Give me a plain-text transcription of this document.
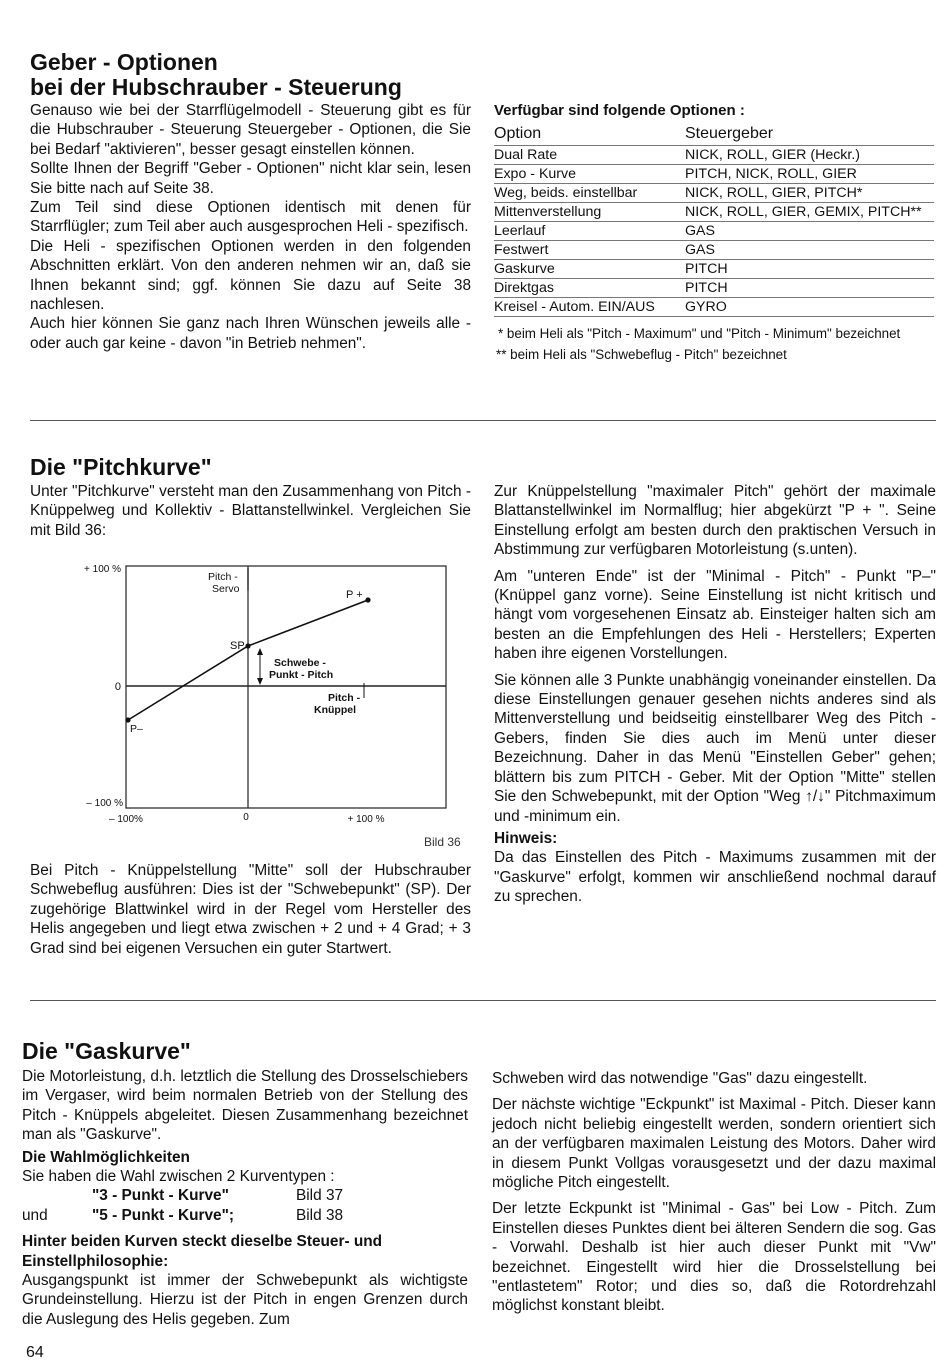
Geber - Optionen
bei der Hubschrauber - Steuerung

Genauso wie bei der Starrflügelmodell - Steuerung gibt es für die Hubschrauber - Steuerung Steuergeber - Optionen, die Sie bei Bedarf "aktivieren", besser gesagt einstellen können.

Sollte Ihnen der Begriff "Geber - Optionen" nicht klar sein, lesen Sie bitte nach auf Seite 38.

Zum Teil sind diese Optionen identisch mit denen für Starrflügler; zum Teil aber auch ausgesprochen Heli - spezifisch.

Die Heli - spezifischen Optionen werden in den folgenden Abschnitten erklärt. Von den anderen nehmen wir an, daß sie Ihnen bekannt sind; ggf. können Sie dazu auf Seite 38 nachlesen.

Auch hier können Sie ganz nach Ihren Wünschen jeweils alle - oder auch gar keine - davon "in Betrieb nehmen".

Verfügbar sind folgende Optionen :
Option	Steuergeber
Dual Rate	NICK, ROLL, GIER (Heckr.)
Expo - Kurve	PITCH, NICK, ROLL, GIER
Weg, beids. einstellbar	NICK, ROLL, GIER, PITCH*
Mittenverstellung	NICK, ROLL, GIER, GEMIX, PITCH**
Leerlauf	GAS
Festwert	GAS
Gaskurve	PITCH
Direktgas	PITCH
Kreisel - Autom. EIN/AUS	GYRO
* beim Heli als "Pitch - Maximum" und "Pitch - Minimum" bezeichnet
** beim Heli als "Schwebeflug - Pitch" bezeichnet
Die "Pitchkurve"

Unter "Pitchkurve" versteht man den Zusammenhang von Pitch - Knüppelweg und Kollektiv - Blattanstellwinkel. Vergleichen Sie mit Bild 36:

+ 100 %
0
– 100 %
– 100%	0	+ 100 %
Pitch -Servo	P +
SP
Schwebe -Punkt - Pitch
Pitch -Knüppel
P–
Bild 36

Bei Pitch - Knüppelstellung "Mitte" soll der Hubschrauber Schwebeflug ausführen: Dies ist der "Schwebepunkt" (SP). Der zugehörige Blattwinkel wird in der Regel vom Hersteller des Helis angegeben und liegt etwa zwischen + 2 und + 4 Grad; + 3 Grad sind bei eigenen Versuchen ein guter Startwert.

Zur Knüppelstellung "maximaler Pitch" gehört der maximale Blattanstellwinkel im Normalflug; hier abgekürzt "P + ". Seine Einstellung erfolgt am besten durch den praktischen Versuch in Abstimmung zur verfügbaren Motorleistung (s.unten).

Am "unteren Ende" ist der "Minimal - Pitch" - Punkt "P–" (Knüppel ganz vorne). Seine Einstellung ist nicht kritisch und hängt vom vorgesehenen Einsatz ab. Einsteiger halten sich am besten an die Empfehlungen des Heli - Herstellers; Experten haben ihre eigenen Vorstellungen.

Sie können alle 3 Punkte unabhängig voneinander einstellen. Da diese Einstellungen genauer gesehen nichts anderes sind als Mittenverstellung und beidseitig einstellbarer Weg des Pitch - Gebers, finden Sie dies auch im Menü unter dieser Bezeichnung. Daher in das Menü "Einstellen Geber" gehen; blättern bis zum PITCH - Geber. Mit der Option "Mitte" stellen Sie den Schwebepunkt, mit der Option "Weg ↑/↓" Pitchmaximum und -minimum ein.

Hinweis:

Da das Einstellen des Pitch - Maximums zusammen mit der "Gaskurve" erfolgt, kommen wir anschließend nochmal darauf zu sprechen.

Die "Gaskurve"

Die Motorleistung, d.h. letztlich die Stellung des Drosselschiebers im Vergaser, wird beim normalen Betrieb von der Stellung des Pitch - Knüppels abgeleitet. Diesen Zusammenhang bezeichnet man als "Gaskurve".

Die Wahlmöglichkeiten

Sie haben die Wahl zwischen 2 Kurventypen :

"3 - Punkt - Kurve"	Bild 37
und	"5 - Punkt - Kurve";	Bild 38
Hinter beiden Kurven steckt dieselbe Steuer- und Einstellphilosophie:

Ausgangspunkt ist immer der Schwebepunkt als wichtigste Grundeinstellung. Hierzu ist der Pitch in engen Grenzen durch die Auslegung des Helis gegeben. Zum

Schweben wird das notwendige "Gas" dazu eingestellt.

Der nächste wichtige "Eckpunkt" ist Maximal - Pitch. Dieser kann jedoch nicht beliebig eingestellt werden, sondern orientiert sich an der verfügbaren maximalen Leistung des Motors. Daher wird in diesem Punkt Vollgas vorausgesetzt und der dazu maximal mögliche Pitch eingestellt.

Der letzte Eckpunkt ist "Minimal - Gas" bei Low - Pitch. Zum Einstellen dieses Punktes dient bei älteren Sendern die sog. Gas - Vorwahl. Deshalb ist hier auch dieser Punkt mit "Vw" bezeichnet. Eingestellt wird hier die Drosselstellung bei "entlastetem" Rotor; und dies so, daß die Rotordrehzahl möglichst konstant bleibt.

64
